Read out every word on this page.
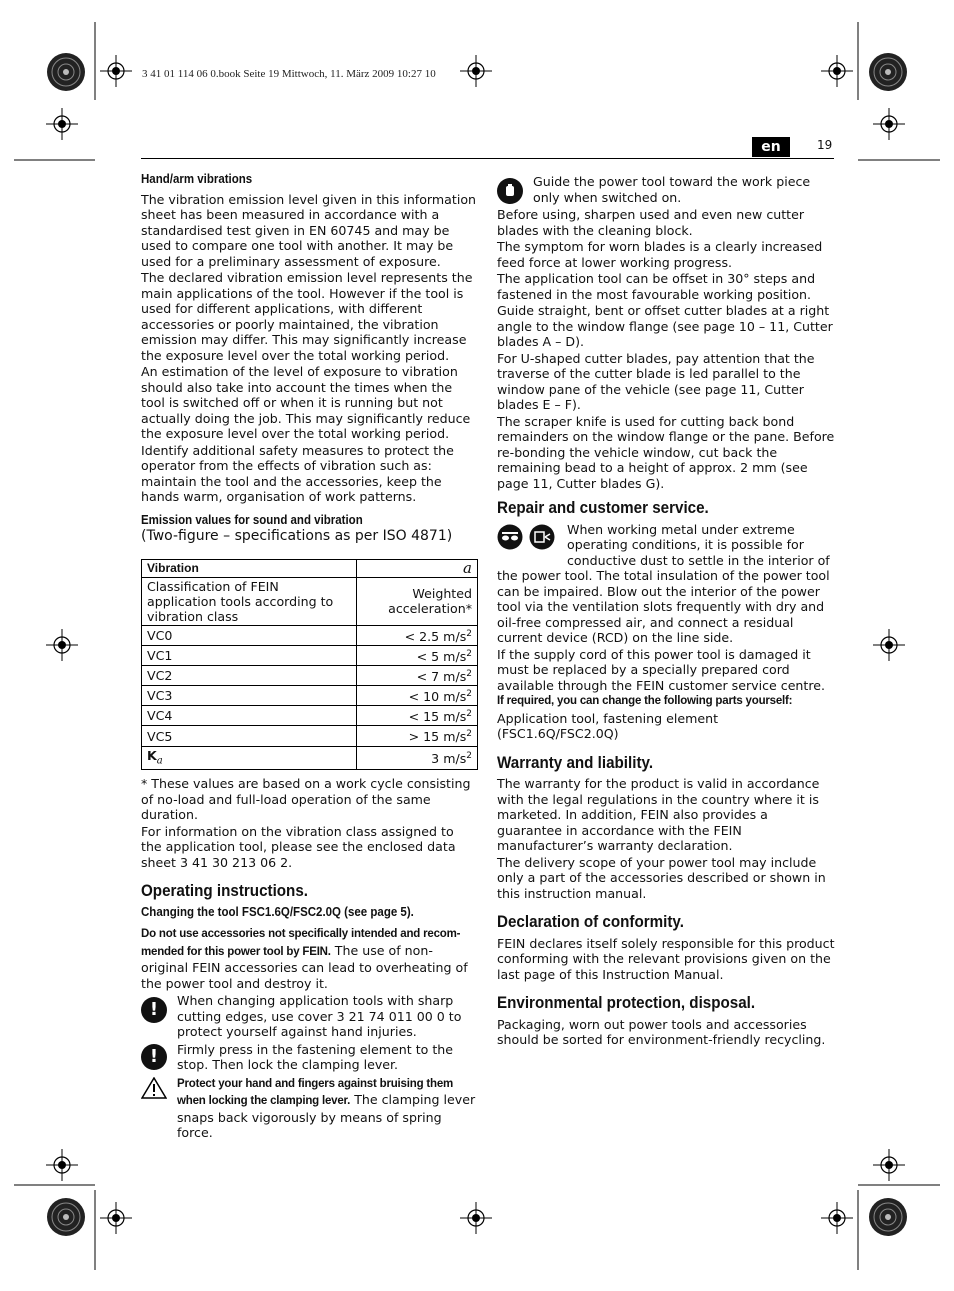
3 41 01 114 06 0.book Seite 19 Mittwoch, 11. März 2009 10:27 10
en	19
Hand/arm vibrations

The vibration emission level given in this information sheet has been measured in accordance with a standardised test given in EN 60745 and may be used to compare one tool with another. It may be used for a preliminary assessment of exposure.

The declared vibration emission level represents the main applications of the tool. However if the tool is used for different applications, with different accessories or poorly maintained, the vibration emission may differ. This may significantly increase the exposure level over the total working period.

An estimation of the level of exposure to vibration should also take into account the times when the tool is switched off or when it is running but not actually doing the job. This may significantly reduce the exposure level over the total working period.

Identify additional safety measures to protect the operator from the effects of vibration such as: maintain the tool and the accessories, keep the hands warm, organisation of work patterns.

Emission values for sound and vibration

(Two-figure – specifications as per ISO 4871)

Vibration	a
Classification of FEIN application tools according to vibration class	Weighted acceleration*
VC0	< 2.5 $m/s^2$
VC1	< 5 $m/s^2$
VC2	< 7 $m/s^2$
VC3	< 10 $m/s^2$
VC4	< 15 $m/s^2$
VC5	> 15 $m/s^2$
$K_a$	3 $m/s^2$

* These values are based on a work cycle consisting of no-load and full-load operation of the same duration.

For information on the vibration class assigned to the application tool, please see the enclosed data sheet 3 41 30 213 06 2.

Operating instructions.
Changing the tool FSC1.6Q/FSC2.0Q (see page 5).

Do not use accessories not specifically intended and recommended for this power tool by FEIN. The use of non-original FEIN accessories can lead to overheating of the power tool and destroy it.

!	When changing application tools with sharp cutting edges, use cover 3 21 74 011 00 0 to protect yourself against hand injuries.
!	Firmly press in the fastening element to the stop. Then lock the clamping lever.
Protect your hand and fingers against bruising them when locking the clamping lever. The clamping lever snaps back vigorously by means of spring force.
Guide the power tool toward the work piece only when switched on.

Before using, sharpen used and even new cutter blades with the cleaning block.

The symptom for worn blades is a clearly increased feed force at lower working progress.

The application tool can be offset in 30° steps and fastened in the most favourable working position.

Guide straight, bent or offset cutter blades at a right angle to the window flange (see page 10 – 11, Cutter blades A – D).

For U-shaped cutter blades, pay attention that the traverse of the cutter blade is led parallel to the window pane of the vehicle (see page 11, Cutter blades E – F).

The scraper knife is used for cutting back bond remainders on the window flange or the pane. Before re-bonding the vehicle window, cut back the remaining bead to a height of approx. 2 mm (see page 11, Cutter blades G).

Repair and customer service.

When working metal under extreme operating conditions, it is possible for conductive dust to settle in the interior of the power tool. The total insulation of the power tool can be impaired. Blow out the interior of the power tool via the ventilation slots frequently with dry and oil-free compressed air, and connect a residual current device (RCD) on the line side.

If the supply cord of this power tool is damaged it must be replaced by a specially prepared cord available through the FEIN customer service centre.

If required, you can change the following parts yourself:

Application tool, fastening element (FSC1.6Q/FSC2.0Q)

Warranty and liability.

The warranty for the product is valid in accordance with the legal regulations in the country where it is marketed. In addition, FEIN also provides a guarantee in accordance with the FEIN manufacturer’s warranty declaration.

The delivery scope of your power tool may include only a part of the accessories described or shown in this instruction manual.

Declaration of conformity.

FEIN declares itself solely responsible for this product conforming with the relevant provisions given on the last page of this Instruction Manual.

Environmental protection, disposal.

Packaging, worn out power tools and accessories should be sorted for environment-friendly recycling.
